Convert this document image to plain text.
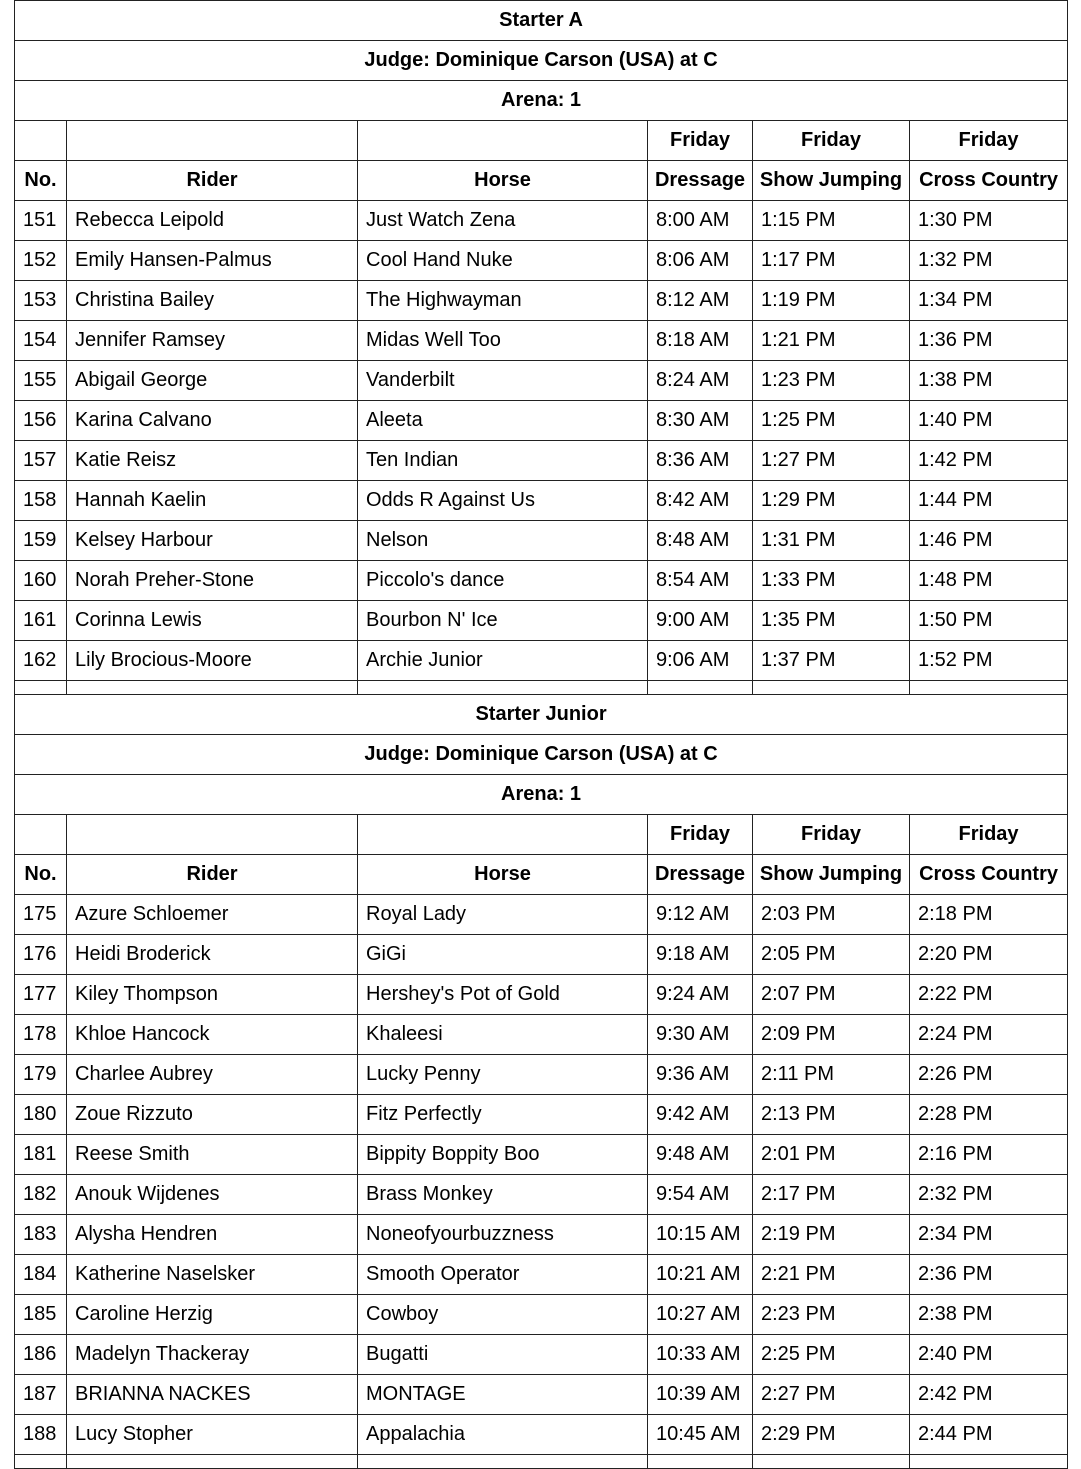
Starter A					
Judge: Dominique Carson (USA) at C					
Arena: 1					
			Friday	Friday	Friday
No.	Rider	Horse	Dressage	Show Jumping	Cross Country
151	Rebecca Leipold	Just Watch Zena	8:00 AM	1:15 PM	1:30 PM
152	Emily Hansen-Palmus	Cool Hand Nuke	8:06 AM	1:17 PM	1:32 PM
153	Christina Bailey	The Highwayman	8:12 AM	1:19 PM	1:34 PM
154	Jennifer Ramsey	Midas Well Too	8:18 AM	1:21 PM	1:36 PM
155	Abigail George	Vanderbilt	8:24 AM	1:23 PM	1:38 PM
156	Karina Calvano	Aleeta	8:30 AM	1:25 PM	1:40 PM
157	Katie Reisz	Ten Indian	8:36 AM	1:27 PM	1:42 PM
158	Hannah Kaelin	Odds R Against Us	8:42 AM	1:29 PM	1:44 PM
159	Kelsey Harbour	Nelson	8:48 AM	1:31 PM	1:46 PM
160	Norah Preher-Stone	Piccolo's dance	8:54 AM	1:33 PM	1:48 PM
161	Corinna Lewis	Bourbon N' Ice	9:00 AM	1:35 PM	1:50 PM
162	Lily Brocious-Moore	Archie Junior	9:06 AM	1:37 PM	1:52 PM

Starter Junior					
Judge: Dominique Carson (USA) at C					
Arena: 1					
			Friday	Friday	Friday
No.	Rider	Horse	Dressage	Show Jumping	Cross Country
175	Azure Schloemer	Royal Lady	9:12 AM	2:03 PM	2:18 PM
176	Heidi Broderick	GiGi	9:18 AM	2:05 PM	2:20 PM
177	Kiley Thompson	Hershey's Pot of Gold	9:24 AM	2:07 PM	2:22 PM
178	Khloe Hancock	Khaleesi	9:30 AM	2:09 PM	2:24 PM
179	Charlee Aubrey	Lucky Penny	9:36 AM	2:11 PM	2:26 PM
180	Zoue Rizzuto	Fitz Perfectly	9:42 AM	2:13 PM	2:28 PM
181	Reese Smith	Bippity Boppity Boo	9:48 AM	2:01 PM	2:16 PM
182	Anouk Wijdenes	Brass Monkey	9:54 AM	2:17 PM	2:32 PM
183	Alysha Hendren	Noneofyourbuzzness	10:15 AM	2:19 PM	2:34 PM
184	Katherine Naselsker	Smooth Operator	10:21 AM	2:21 PM	2:36 PM
185	Caroline Herzig	Cowboy	10:27 AM	2:23 PM	2:38 PM
186	Madelyn Thackeray	Bugatti	10:33 AM	2:25 PM	2:40 PM
187	BRIANNA NACKES	MONTAGE	10:39 AM	2:27 PM	2:42 PM
188	Lucy Stopher	Appalachia	10:45 AM	2:29 PM	2:44 PM
